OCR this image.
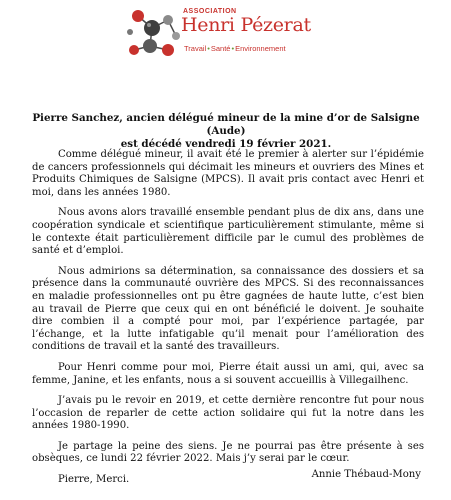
ASSOCIATION
Henri Pézerat
Travail•Santé•Environnement
Pierre Sanchez, ancien délégué mineur de la mine d’or de Salsigne (Aude)
est décédé vendredi 19 février 2021.

Comme délégué mineur, il avait été le premier à alerter sur l’épidémie de cancers professionnels qui décimait les mineurs et ouvriers des Mines et Produits Chimiques de Salsigne (MPCS). Il avait pris contact avec Henri et moi, dans les années 1980.

Nous avons alors travaillé ensemble pendant plus de dix ans, dans une coopération syndicale et scientifique particulièrement stimulante, même si le contexte était particulièrement difficile par le cumul des problèmes de santé et d’emploi.

Nous admirions sa détermination, sa connaissance des dossiers et sa présence dans la communauté ouvrière des MPCS. Si des reconnaissances en maladie professionnelles ont pu être gagnées de haute lutte, c’est bien au travail de Pierre que ceux qui en ont bénéficié le doivent. Je souhaite dire combien il a compté pour moi, par l’expérience partagée, par l’échange, et la lutte infatigable qu’il menait pour l’amélioration des conditions de travail et la santé des travailleurs.

Pour Henri comme pour moi, Pierre était aussi un ami, qui, avec sa femme, Janine, et les enfants, nous a si souvent accueillis à Villegailhenc.

J’avais pu le revoir en 2019, et cette dernière rencontre fut pour nous l’occasion de reparler de cette action solidaire qui fut la notre dans les années 1980-1990.

Je partage la peine des siens. Je ne pourrai pas être présente à ses obsèques, ce lundi 22 février 2022. Mais j’y serai par le cœur.

Pierre, Merci.	Annie Thébaud-Mony
